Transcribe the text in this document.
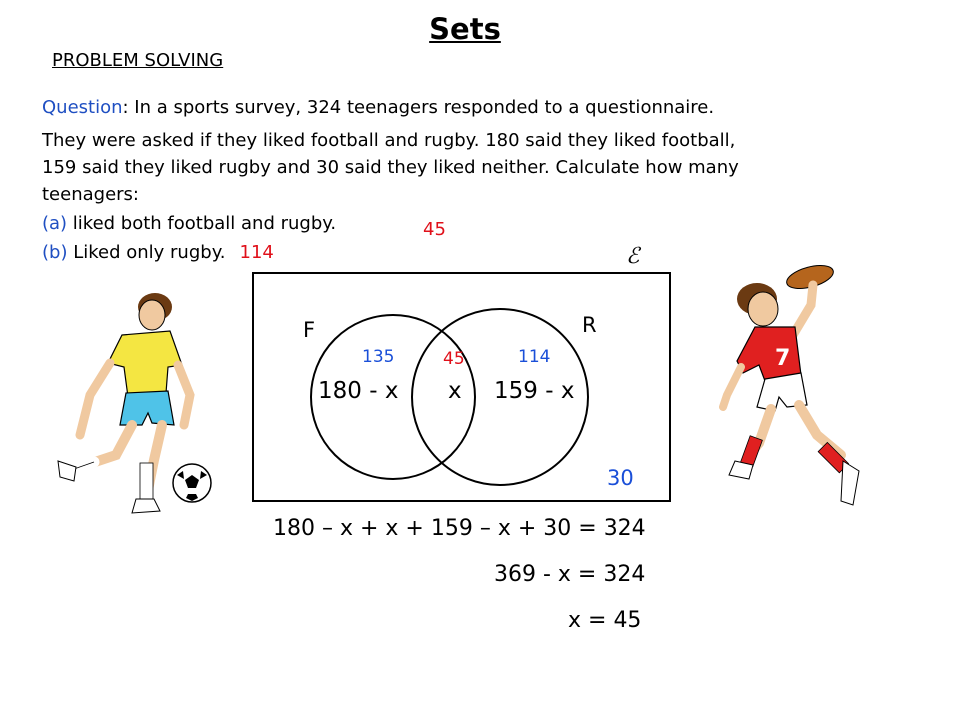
Sets
PROBLEM SOLVING
Question: In a sports survey, 324 teenagers responded to a questionnaire.
They were asked if they liked football and rugby. 180 said they liked football,
159 said they liked rugby and 30 said they liked neither. Calculate how many
teenagers:
(a) liked both football and rugby.	45
(b) Liked only rugby. 114	ℰ
F	R
135	45	114
180 - x x 159 - x
30
180 – x + x + 159 – x + 30 = 324
369 - x = 324
x = 45
7
